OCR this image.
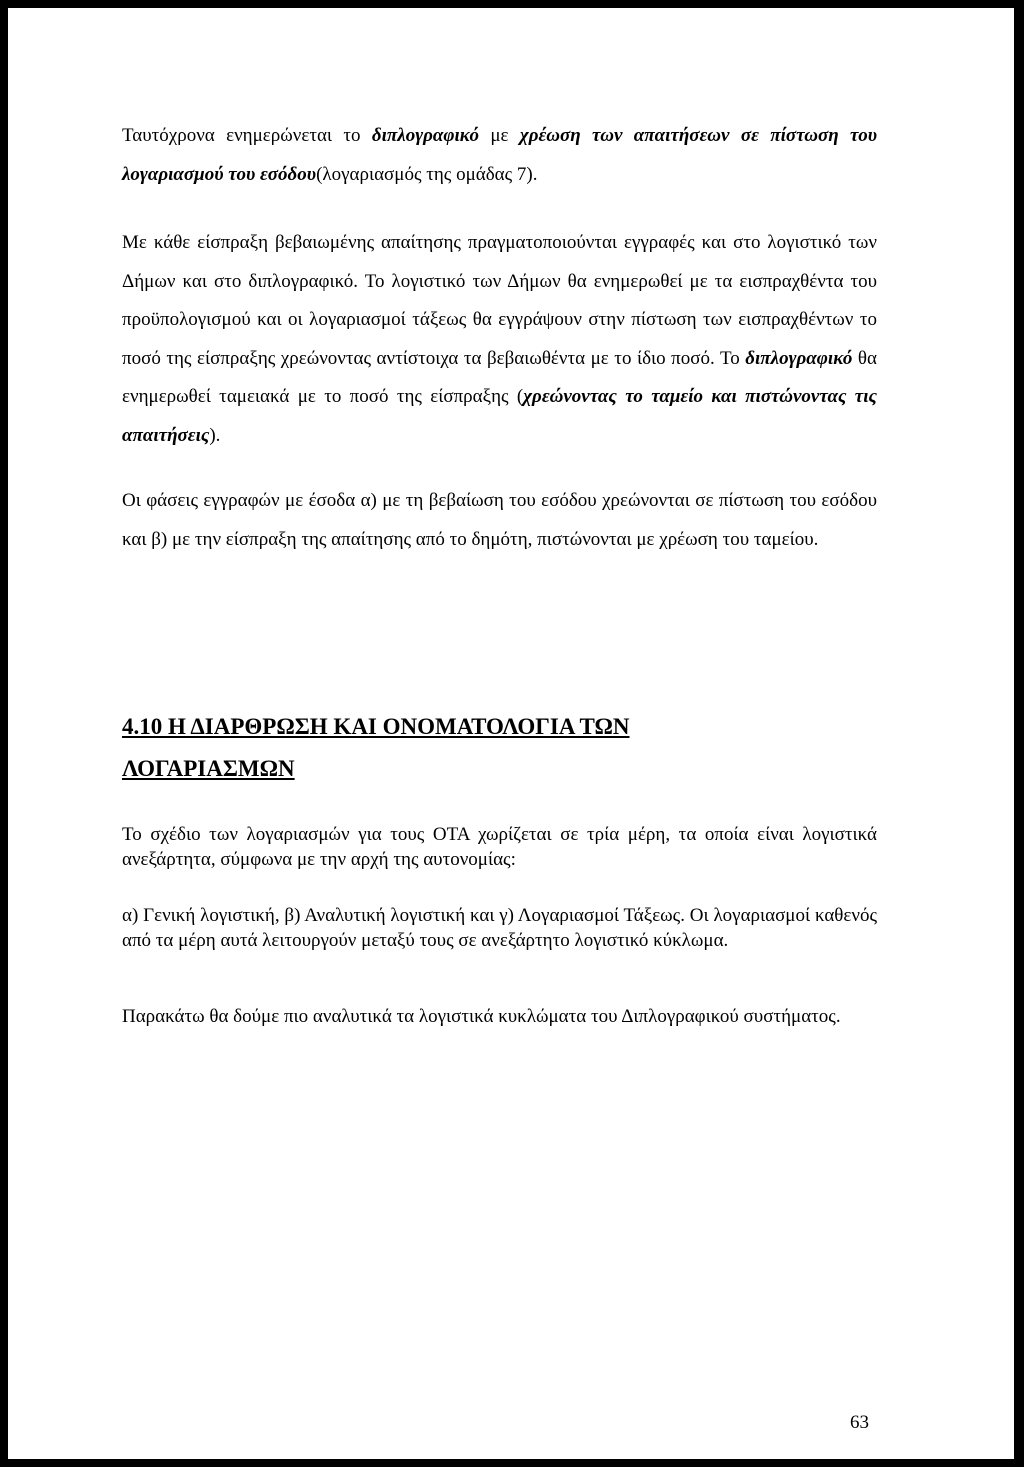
Ταυτόχρονα ενημερώνεται το διπλογραφικό με χρέωση των απαιτήσεων σε πίστωση του λογαριασμού του εσόδου(λογαριασμός της ομάδας 7).

Με κάθε είσπραξη βεβαιωμένης απαίτησης πραγματοποιούνται εγγραφές και στο λογιστικό των Δήμων και στο διπλογραφικό. Το λογιστικό των Δήμων θα ενημερωθεί με τα εισπραχθέντα του προϋπολογισμού και οι λογαριασμοί τάξεως θα εγγράψουν στην πίστωση των εισπραχθέντων το ποσό της είσπραξης χρεώνοντας αντίστοιχα τα βεβαιωθέντα με το ίδιο ποσό. Το διπλογραφικό θα ενημερωθεί ταμειακά με το ποσό της είσπραξης (χρεώνοντας το ταμείο και πιστώνοντας τις απαιτήσεις).

Οι φάσεις εγγραφών με έσοδα α) με τη βεβαίωση του εσόδου χρεώνονται σε πίστωση του εσόδου και β) με την είσπραξη της απαίτησης από το δημότη, πιστώνονται με χρέωση του ταμείου.

4.10 Η ΔΙΑΡΘΡΩΣΗ ΚΑΙ ΟΝΟΜΑΤΟΛΟΓΙΑ ΤΩΝ
ΛΟΓΑΡΙΑΣΜΩΝ

Το σχέδιο των λογαριασμών για τους ΟΤΑ χωρίζεται σε τρία μέρη, τα οποία είναι λογιστικά ανεξάρτητα, σύμφωνα με την αρχή της αυτονομίας:

α) Γενική λογιστική, β) Αναλυτική λογιστική και γ) Λογαριασμοί Τάξεως. Οι λογαριασμοί καθενός από τα μέρη αυτά λειτουργούν μεταξύ τους σε ανεξάρτητο λογιστικό κύκλωμα.

Παρακάτω θα δούμε πιο αναλυτικά τα λογιστικά κυκλώματα του Διπλογραφικού συστήματος.

63
